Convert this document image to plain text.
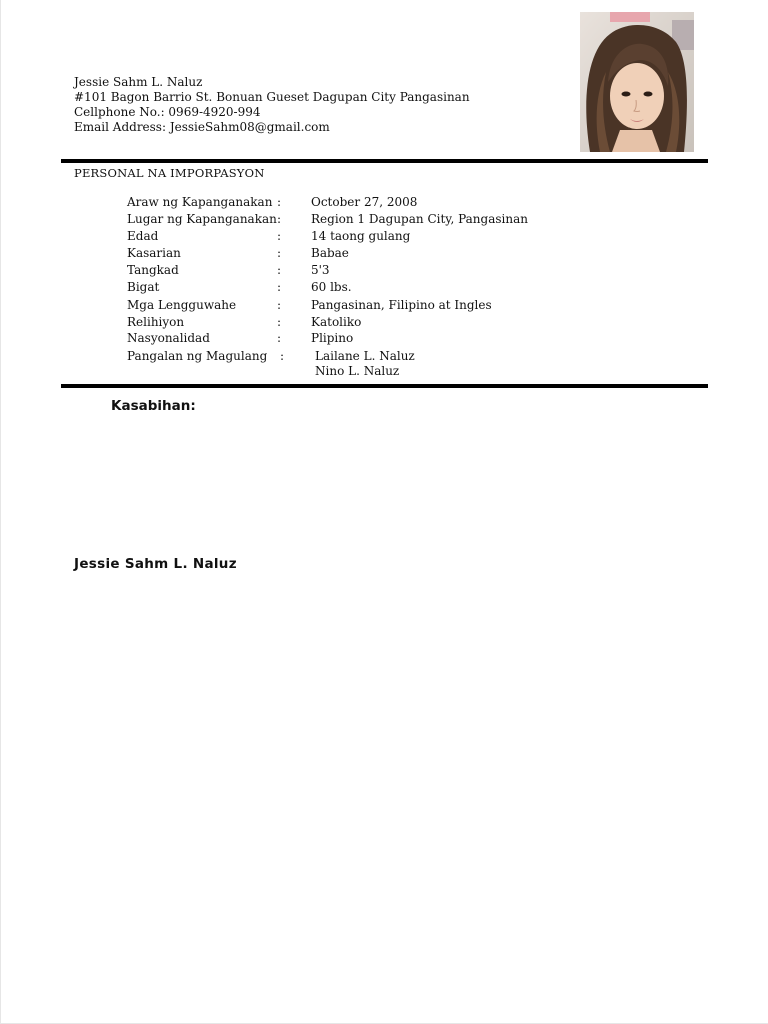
Jessie Sahm L. Naluz
#101 Bagon Barrio St. Bonuan Gueset Dagupan City Pangasinan
Cellphone No.: 0969-4920-994
Email Address: JessieSahm08@gmail.com
PERSONAL NA IMPORPASYON
Araw ng Kapanganakan : October 27, 2008
Lugar ng Kapanganakan : Region 1 Dagupan City, Pangasinan
Edad	: 14 taong gulang
Kasarian	: Babae
Tangkad	: 5'3
Bigat	: 60 lbs.
Mga Lengguwahe	: Pangasinan, Filipino at Ingles
Relihiyon	: Katoliko
Nasyonalidad	: Plipino
Pangalan ng Magulang :	Lailane L. Naluz
Nino L. Naluz
Kasabihan:
Jessie Sahm L. Naluz
